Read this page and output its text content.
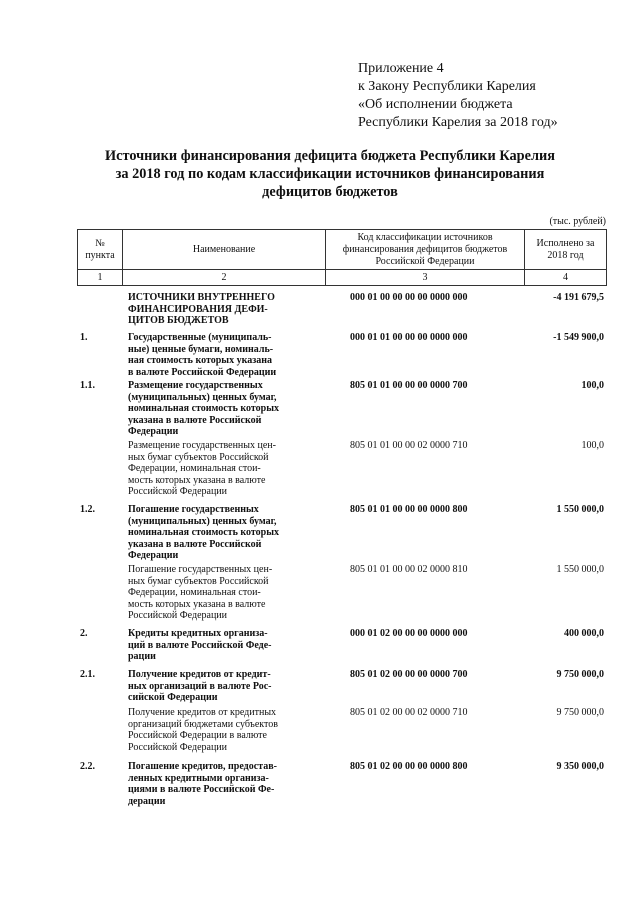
Приложение 4
к Закону Республики Карелия
«Об исполнении бюджета
Республики Карелия за 2018 год»
Источники финансирования дефицита бюджета Республики Карелия
за 2018 год по кодам классификации источников финансирования
дефицитов бюджетов
(тыс. рублей)
№ пункта	Наименование	Код классификации источников финансирования дефицитов бюджетов Российской Федерации	Исполнено за 2018 год
1	2	3	4
ИСТОЧНИКИ ВНУТРЕННЕГО
ФИНАНСИРОВАНИЯ ДЕФИ-
ЦИТОВ БЮДЖЕТОВ
000 01 00 00 00 00 0000 000	-4 191 679,5
1.	Государственные (муниципаль-
ные) ценные бумаги, номиналь-
ная стоимость которых указана
в валюте Российской Федерации
000 01 01 00 00 00 0000 000	-1 549 900,0
1.1.	Размещение государственных
(муниципальных) ценных бумаг,
номинальная стоимость которых
указана в валюте Российской
Федерации
805 01 01 00 00 00 0000 700	100,0
Размещение государственных цен-
ных бумаг субъектов Российской
Федерации, номинальная стои-
мость которых указана в валюте
Российской Федерации
805 01 01 00 00 02 0000 710	100,0
1.2.	Погашение государственных
(муниципальных) ценных бумаг,
номинальная стоимость которых
указана в валюте Российской
Федерации
805 01 01 00 00 00 0000 800	1 550 000,0
Погашение государственных цен-
ных бумаг субъектов Российской
Федерации, номинальная стои-
мость которых указана в валюте
Российской Федерации
805 01 01 00 00 02 0000 810	1 550 000,0
2.	Кредиты кредитных организа-
ций в валюте Российской Феде-
рации
000 01 02 00 00 00 0000 000	400 000,0
2.1.	Получение кредитов от кредит-
ных организаций в валюте Рос-
сийской Федерации
805 01 02 00 00 00 0000 700	9 750 000,0
Получение кредитов от кредитных
организаций бюджетами субъектов
Российской Федерации в валюте
Российской Федерации
805 01 02 00 00 02 0000 710	9 750 000,0
2.2.	Погашение кредитов, предостав-
ленных кредитными организа-
циями в валюте Российской Фе-
дерации
805 01 02 00 00 00 0000 800	9 350 000,0
